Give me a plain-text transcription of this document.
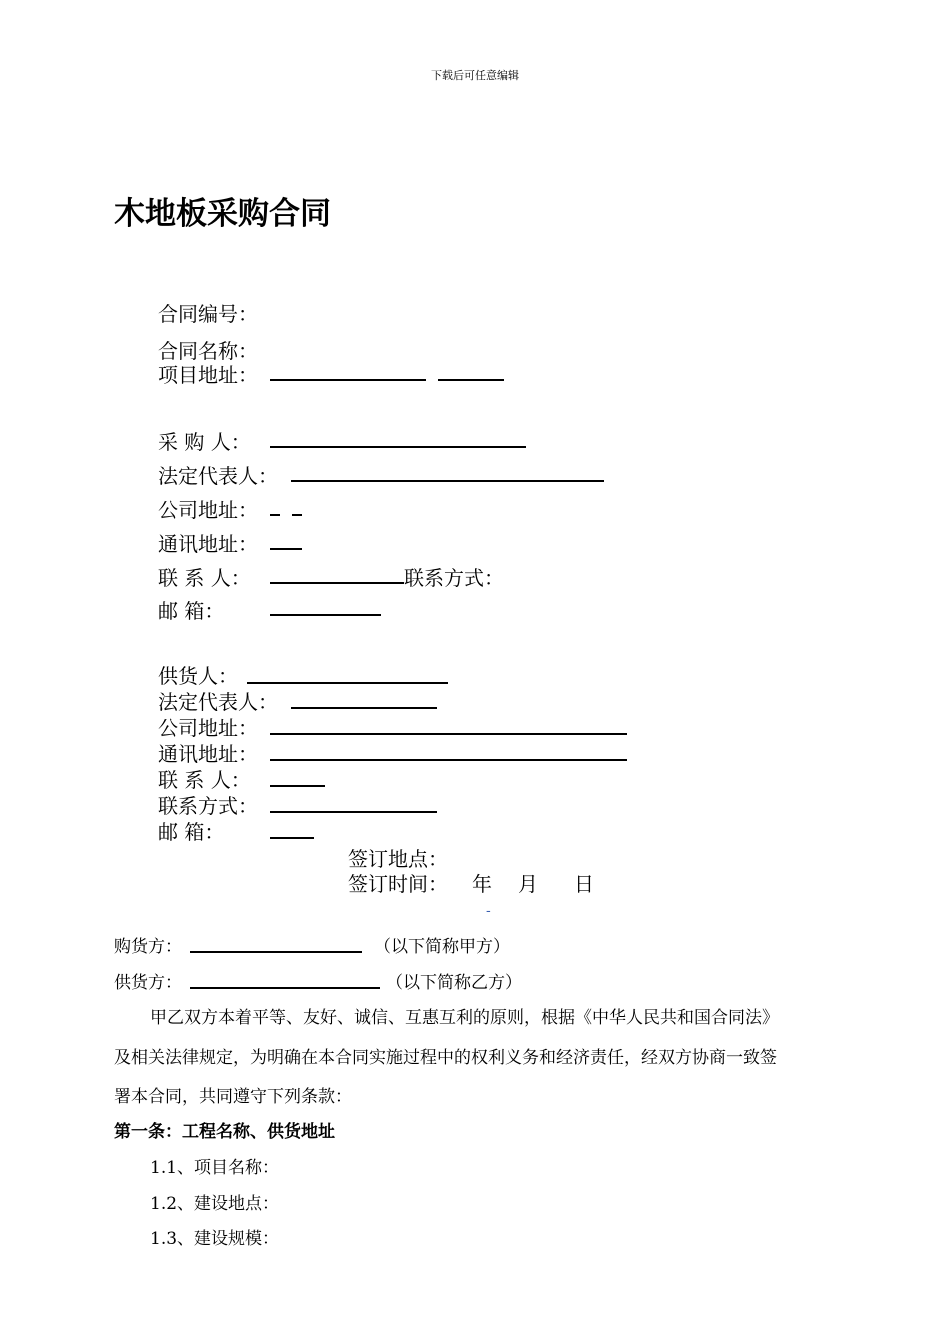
下载后可任意编辑
木地板采购合同
合同编号：
合同名称：
项目地址：
采 购 人：
法定代表人：
公司地址：
通讯地址：
联 系 人：	联系方式：
邮 箱：
供货人：
法定代表人：
公司地址：
通讯地址：
联 系 人：
联系方式：
邮 箱：
签订地点：
签订时间： 年 月 日
-
购货方：	（以下简称甲方）
供货方：	（以下简称乙方）
甲乙双方本着平等、友好、诚信、互惠互利的原则，根据《中华人民共和国合同法》
及相关法律规定，为明确在本合同实施过程中的权利义务和经济责任，经双方协商一致签
署本合同，共同遵守下列条款：
第一条：工程名称、供货地址
1.1、项目名称：
1.2、建设地点：
1.3、建设规模：
